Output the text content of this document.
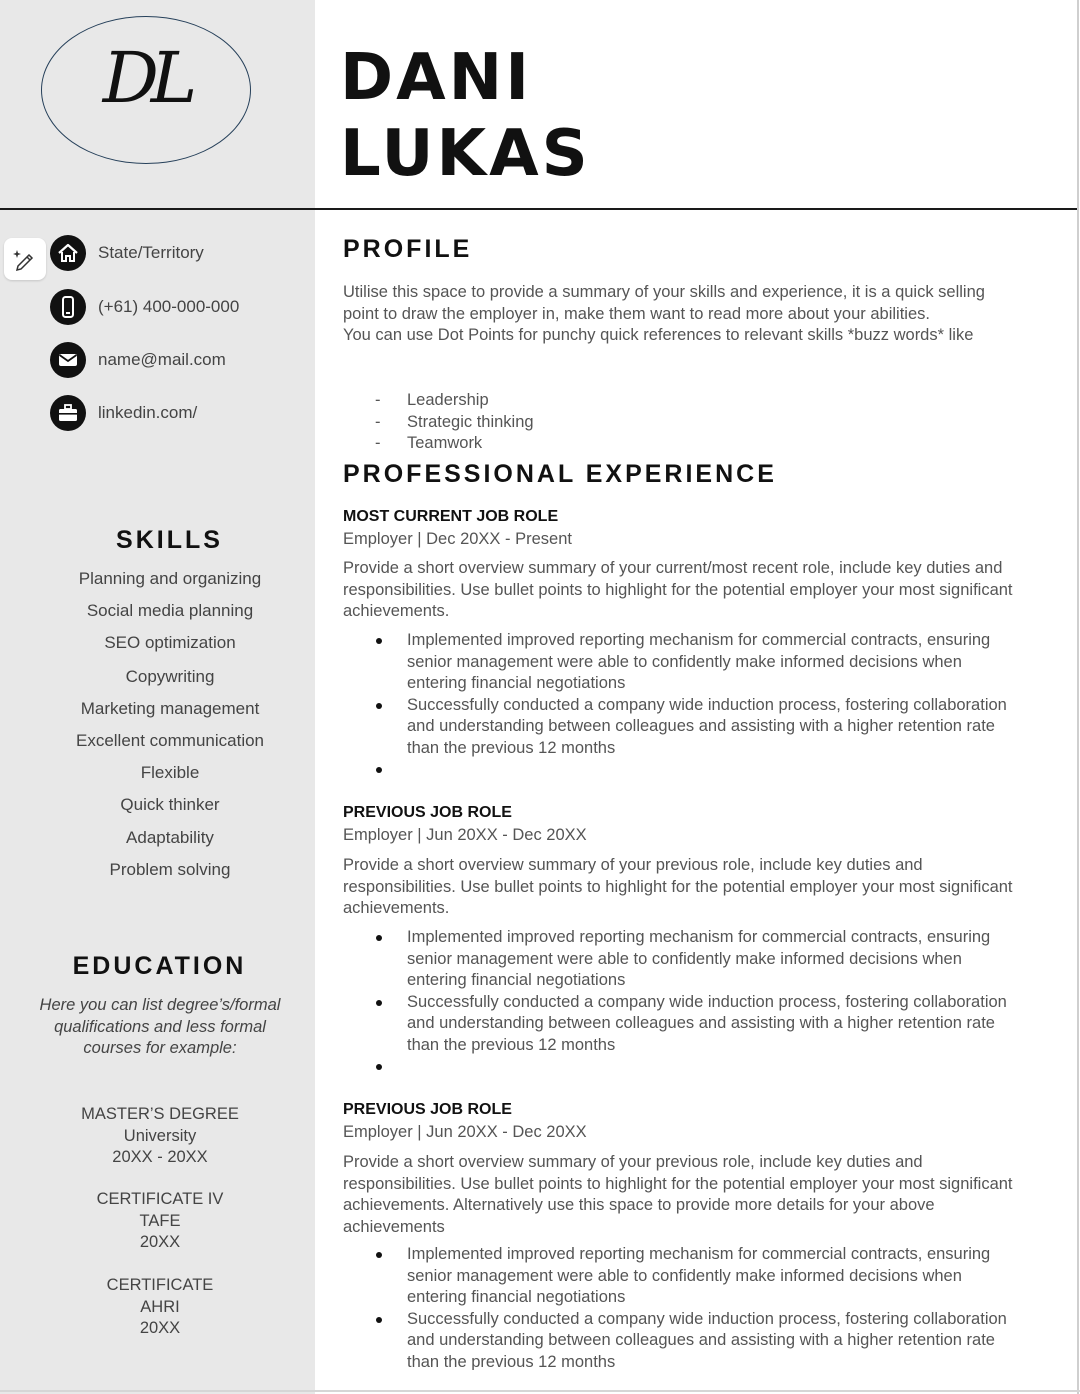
DL	DANI
LUKAS
State/Territory
(+61) 400-000-000
name@mail.com
linkedin.com/
SKILLS
Planning and organizing
Social media planning
SEO optimization
Copywriting
Marketing management
Excellent communication
Flexible
Quick thinker
Adaptability
Problem solving
EDUCATION
Here you can list degree’s/formal qualifications and less formal courses for example:
MASTER’S DEGREE
University
20XX - 20XX
CERTIFICATE IV
TAFE
20XX
CERTIFICATE
AHRI
20XX
PROFILE
Utilise this space to provide a summary of your skills and experience, it is a quick selling point to draw the employer in, make them want to read more about your abilities.
You can use Dot Points for punchy quick references to relevant skills *buzz words* like
- Leadership
- Strategic thinking
- Teamwork
PROFESSIONAL EXPERIENCE
MOST CURRENT JOB ROLE
Employer | Dec 20XX - Present
Provide a short overview summary of your current/most recent role, include key duties and responsibilities. Use bullet points to highlight for the potential employer your most significant achievements.
Implemented improved reporting mechanism for commercial contracts, ensuring senior management were able to confidently make informed decisions when entering financial negotiations
Successfully conducted a company wide induction process, fostering collaboration and understanding between colleagues and assisting with a higher retention rate than the previous 12 months
PREVIOUS JOB ROLE
Employer | Jun 20XX - Dec 20XX
Provide a short overview summary of your previous role, include key duties and responsibilities. Use bullet points to highlight for the potential employer your most significant achievements.
Implemented improved reporting mechanism for commercial contracts, ensuring senior management were able to confidently make informed decisions when entering financial negotiations
Successfully conducted a company wide induction process, fostering collaboration and understanding between colleagues and assisting with a higher retention rate than the previous 12 months
PREVIOUS JOB ROLE
Employer | Jun 20XX - Dec 20XX
Provide a short overview summary of your previous role, include key duties and responsibilities. Use bullet points to highlight for the potential employer your most significant achievements. Alternatively use this space to provide more details for your above achievements
Implemented improved reporting mechanism for commercial contracts, ensuring senior management were able to confidently make informed decisions when entering financial negotiations
Successfully conducted a company wide induction process, fostering collaboration and understanding between colleagues and assisting with a higher retention rate than the previous 12 months
